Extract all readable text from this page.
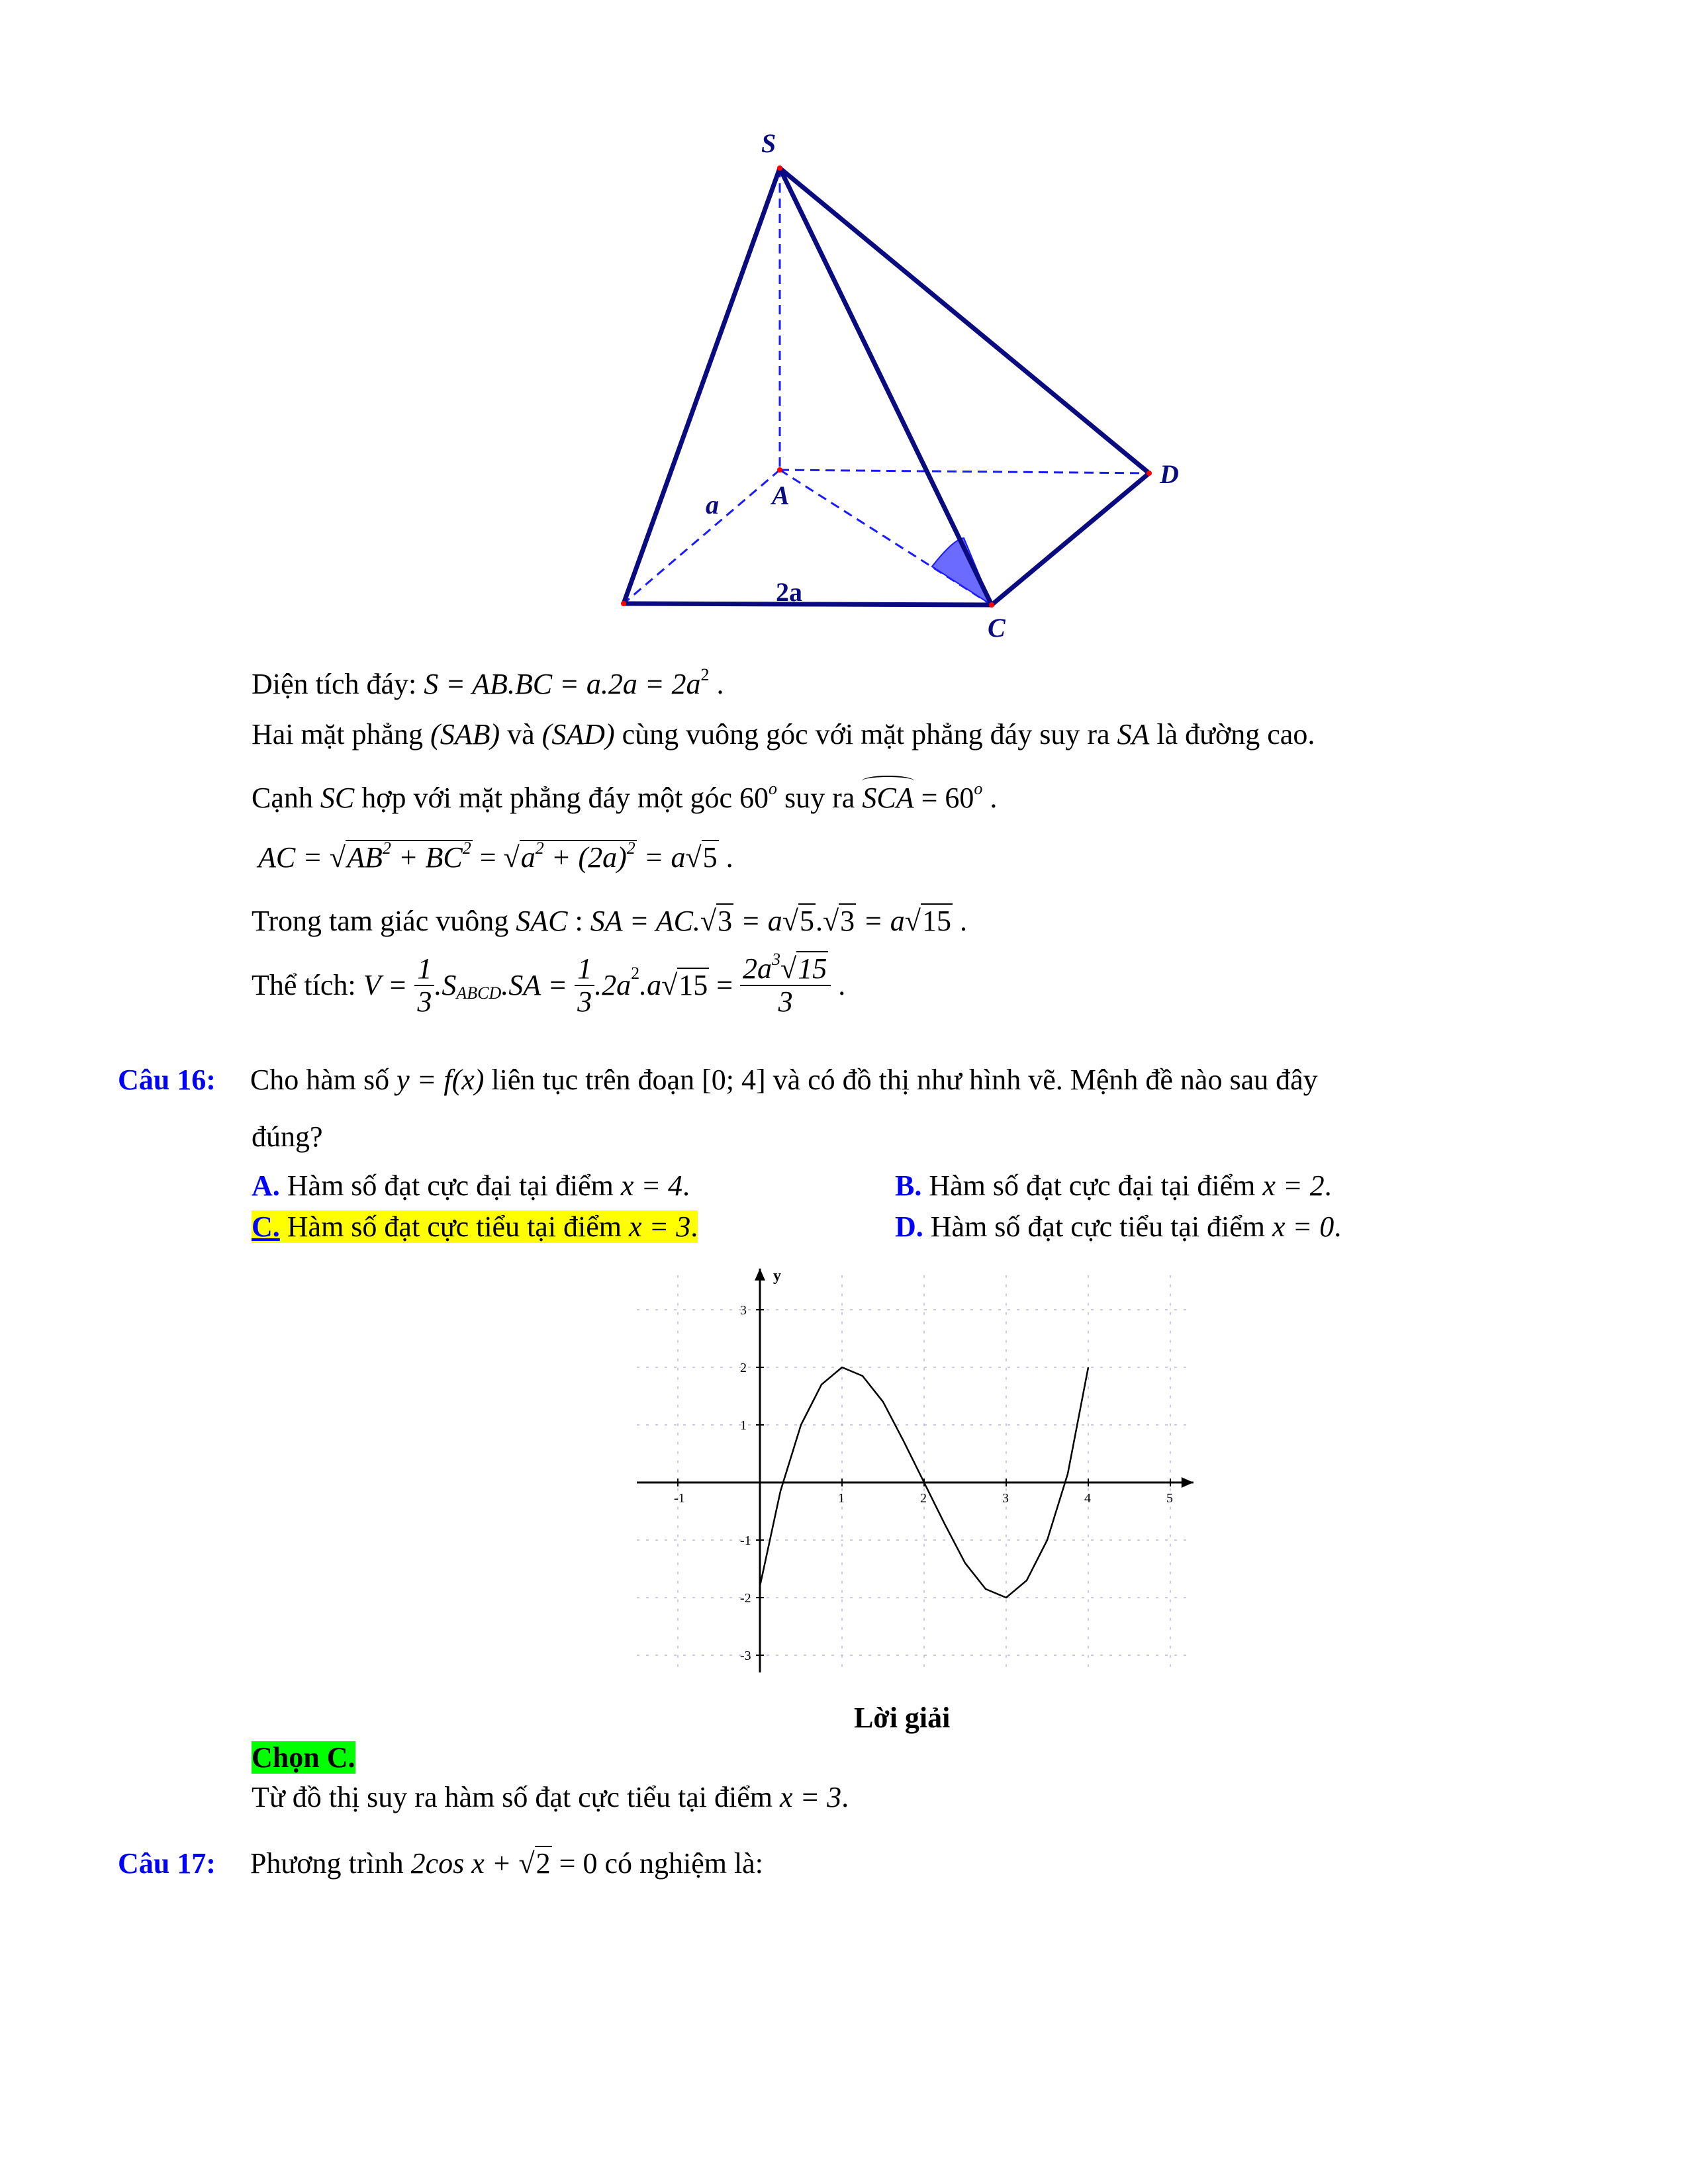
S
A
D
C
a
2a
Diện tích đáy: $S = AB.BC = a.2a = 2a^2$ .
Hai mặt phẳng (SAB) và (SAD) cùng vuông góc với mặt phẳng đáy suy ra SA là đường cao.
Cạnh SC hợp với mặt phẳng đáy một góc 60$^o$ suy ra
SCA = $60^o$ .
AC = $√AB^2 + BC^2 = √a^2 + (2a)^2 = a√5$ .
Trong tam giác vuông SAC : SA = AC.√3 = a√5.√3 = a√15 .
Thể tích: $V = \frac{1}{3} .S_{ABCD}.SA = \frac{1}{3} .2a^2.a√15 = \frac{2a^3√15}{3}$ .
Câu 16: Cho hàm số y = f(x) liên tục trên đoạn [0; 4] và có đồ thị như hình vẽ. Mệnh đề nào sau đây
đúng?
A. Hàm số đạt cực đại tại điểm x = 4.	B. Hàm số đạt cực đại tại điểm x = 2.
C. Hàm số đạt cực tiểu tại điểm x = 3.	D. Hàm số đạt cực tiểu tại điểm x = 0.
y
-1	1	2	3	4	5
3
2
1
-1
-2
-3
Lời giải
Chọn C.
Từ đồ thị suy ra hàm số đạt cực tiểu tại điểm x = 3.
Câu 17: Phương trình 2cos x + √2 = 0 có nghiệm là:
